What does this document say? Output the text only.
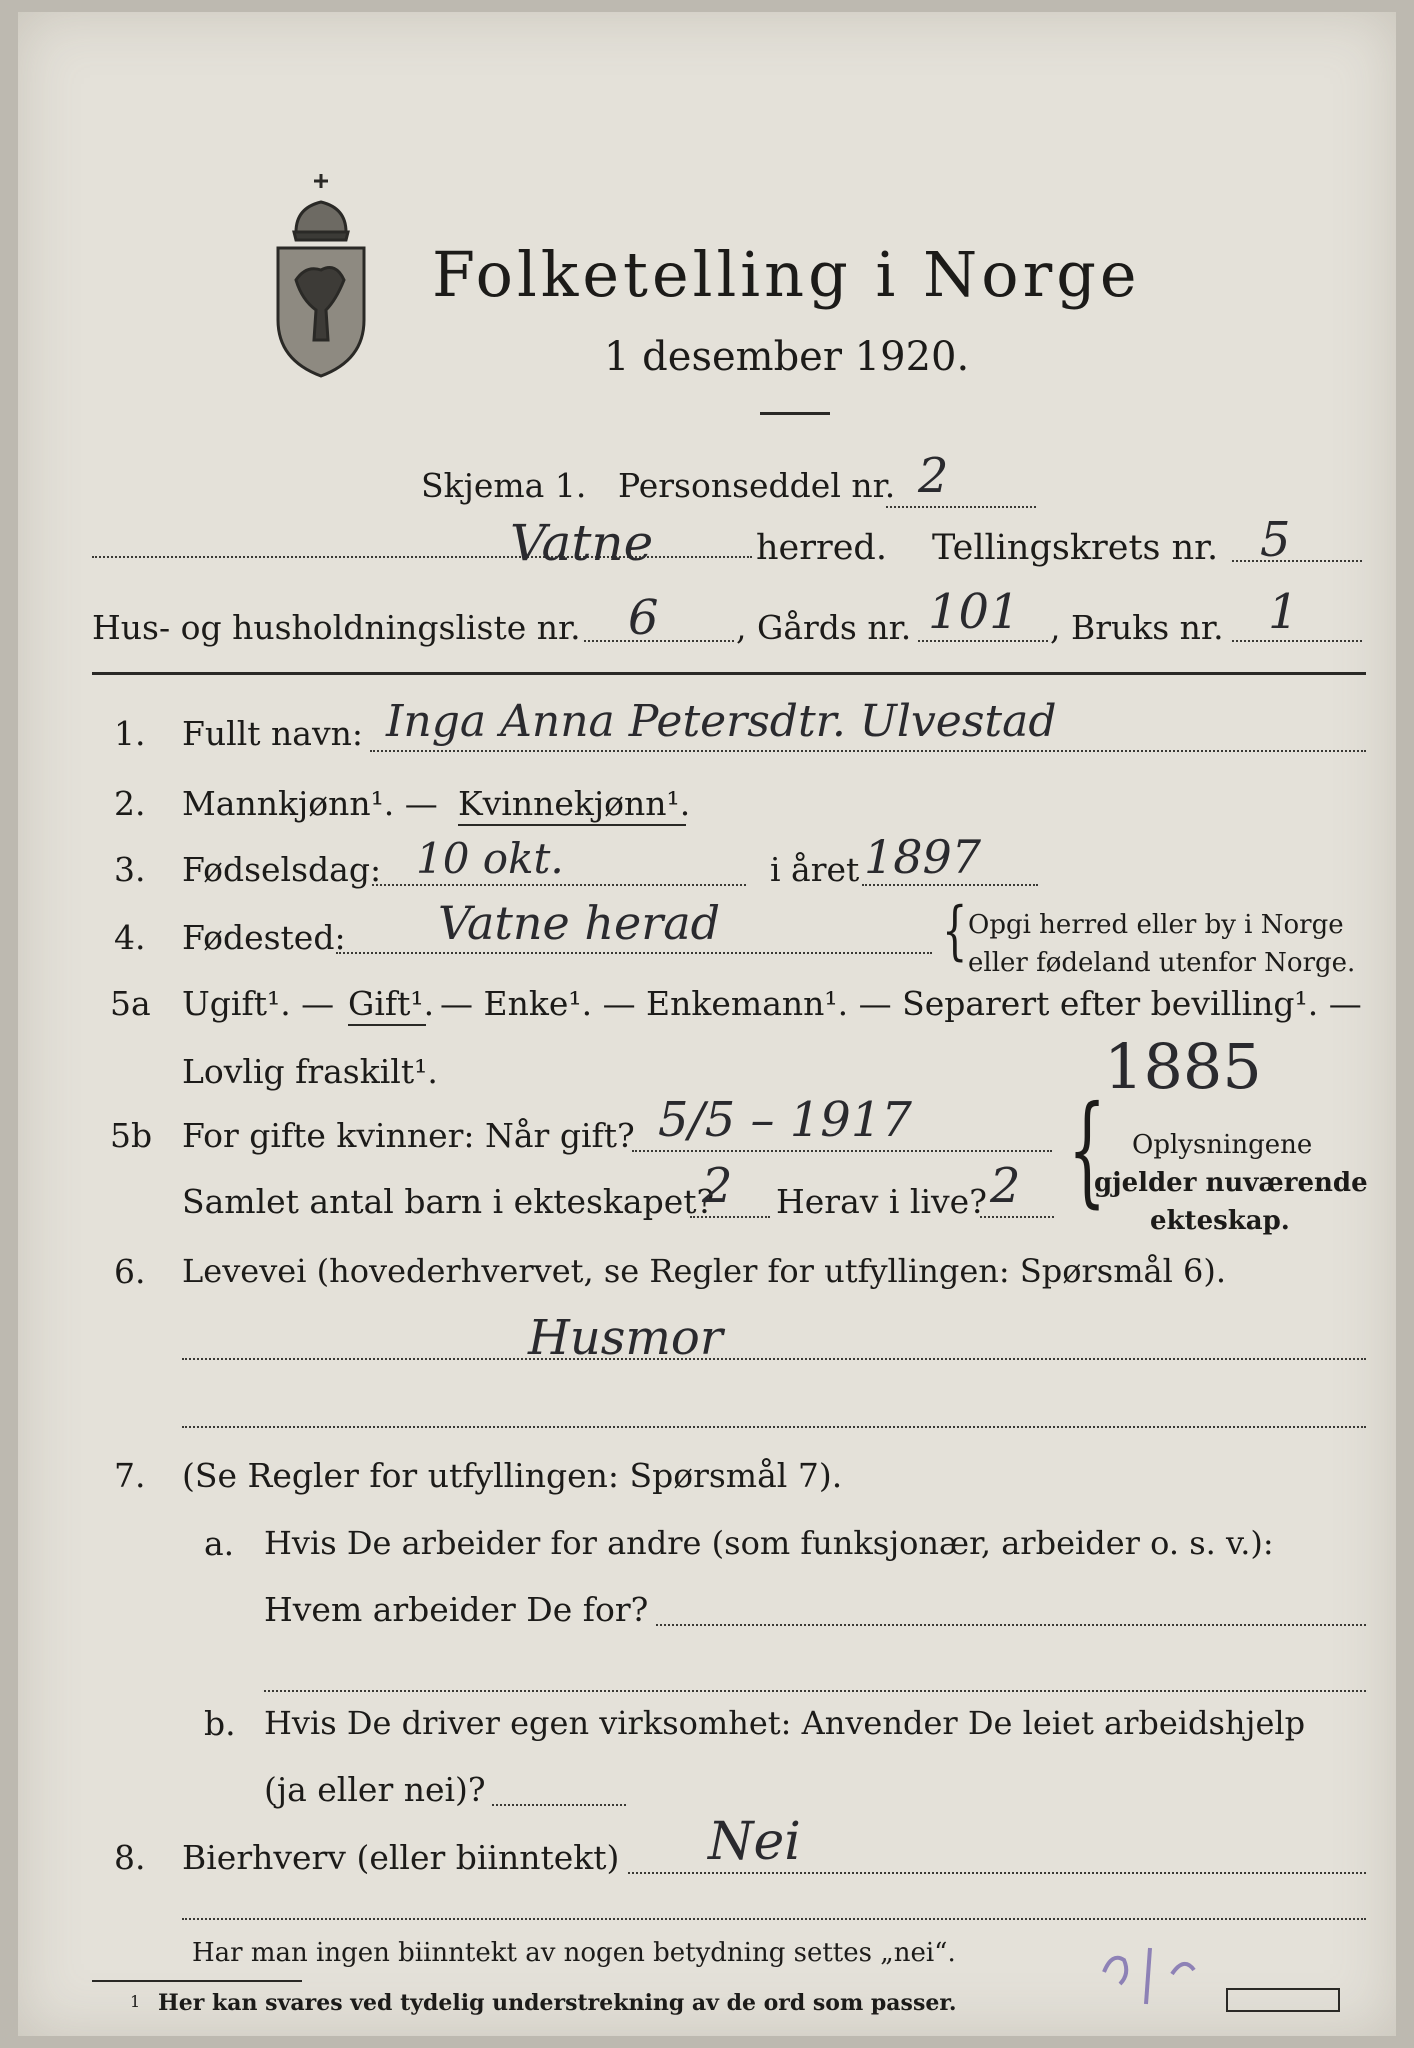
Folketelling i Norge
1 desember 1920.
Skjema 1. Personseddel nr. 2
Vatne	herred. Tellingskrets nr. 5
Hus- og husholdningsliste nr. 6 , Gårds nr. 101 , Bruks nr. 1
1. Fullt navn: Inga Anna Petersdtr. Ulvestad
2. Mannkjønn¹. — Kvinnekjønn¹.
3. Fødselsdag: 10 okt.	i året 1897
4. Fødested: Vatne herad	{ Opgi herred eller by i Norge
eller fødeland utenfor Norge.
5a Ugift¹. — Gift¹. — Enke¹. — Enkemann¹. — Separert efter bevilling¹. —
Lovlig fraskilt¹.	1885
5b For gifte kvinner: Når gift? 5/5 – 1917
Samlet antal barn i ekteskapet?
2 Herav i live? 2 { Oplysningene
gjelder nuværende
ekteskap.
6. Levevei (hovederhvervet, se Regler for utfyllingen: Spørsmål 6).
Husmor
7. (Se Regler for utfyllingen: Spørsmål 7).
a. Hvis De arbeider for andre (som funksjonær, arbeider o. s. v.):
Hvem arbeider De for?
b. Hvis De driver egen virksomhet: Anvender De leiet arbeidshjelp
(ja eller nei)?
8. Bierhverv (eller biinntekt) Nei
Har man ingen biinntekt av nogen betydning settes „nei“.
1 Her kan svares ved tydelig understrekning av de ord som passer.
